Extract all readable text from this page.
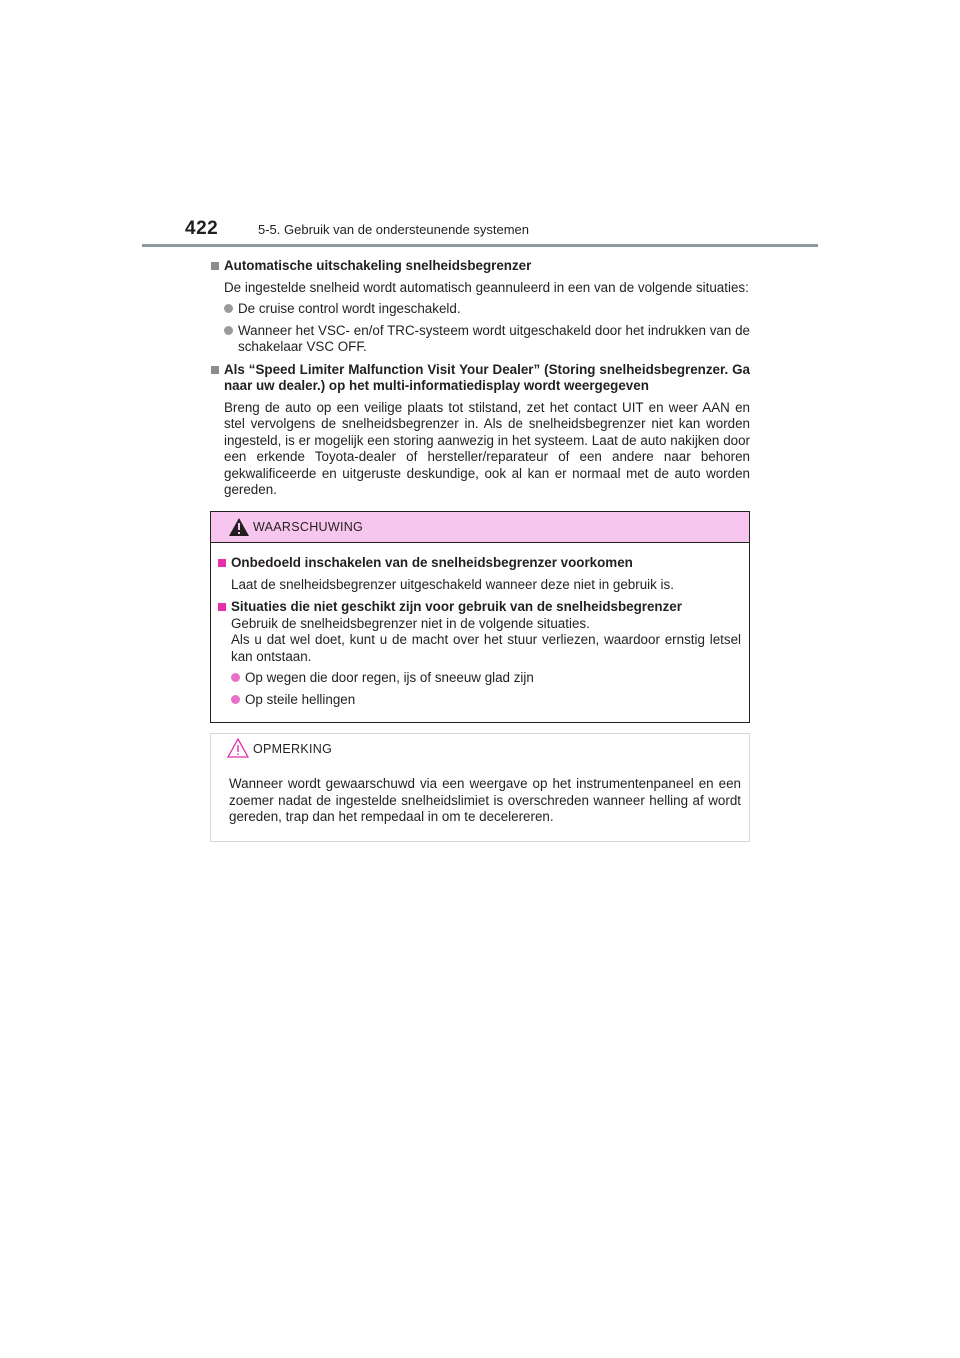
422	5-5. Gebruik van de ondersteunende systemen

Automatische uitschakeling snelheidsbegrenzer

De ingestelde snelheid wordt automatisch geannuleerd in een van de volgende situaties:

De cruise control wordt ingeschakeld.

Wanneer het VSC- en/of TRC-systeem wordt uitgeschakeld door het indrukken van de schakelaar VSC OFF.

Als “Speed Limiter Malfunction Visit Your Dealer” (Storing snelheidsbegrenzer. Ga naar uw dealer.) op het multi-informatiedisplay wordt weergegeven

Breng de auto op een veilige plaats tot stilstand, zet het contact UIT en weer AAN en stel vervolgens de snelheidsbegrenzer in. Als de snelheidsbegrenzer niet kan worden ingesteld, is er mogelijk een storing aanwezig in het systeem. Laat de auto nakijken door een erkende Toyota-dealer of hersteller/reparateur of een andere naar behoren gekwalificeerde en uitgeruste deskundige, ook al kan er normaal met de auto worden gereden.

WAARSCHUWING

Onbedoeld inschakelen van de snelheidsbegrenzer voorkomen

Laat de snelheidsbegrenzer uitgeschakeld wanneer deze niet in gebruik is.

Situaties die niet geschikt zijn voor gebruik van de snelheidsbegrenzer

Gebruik de snelheidsbegrenzer niet in de volgende situaties.

Als u dat wel doet, kunt u de macht over het stuur verliezen, waardoor ernstig letsel kan ontstaan.

Op wegen die door regen, ijs of sneeuw glad zijn

Op steile hellingen

OPMERKING

Wanneer wordt gewaarschuwd via een weergave op het instrumentenpaneel en een zoemer nadat de ingestelde snelheidslimiet is overschreden wanneer helling af wordt gereden, trap dan het rempedaal in om te decelereren.
